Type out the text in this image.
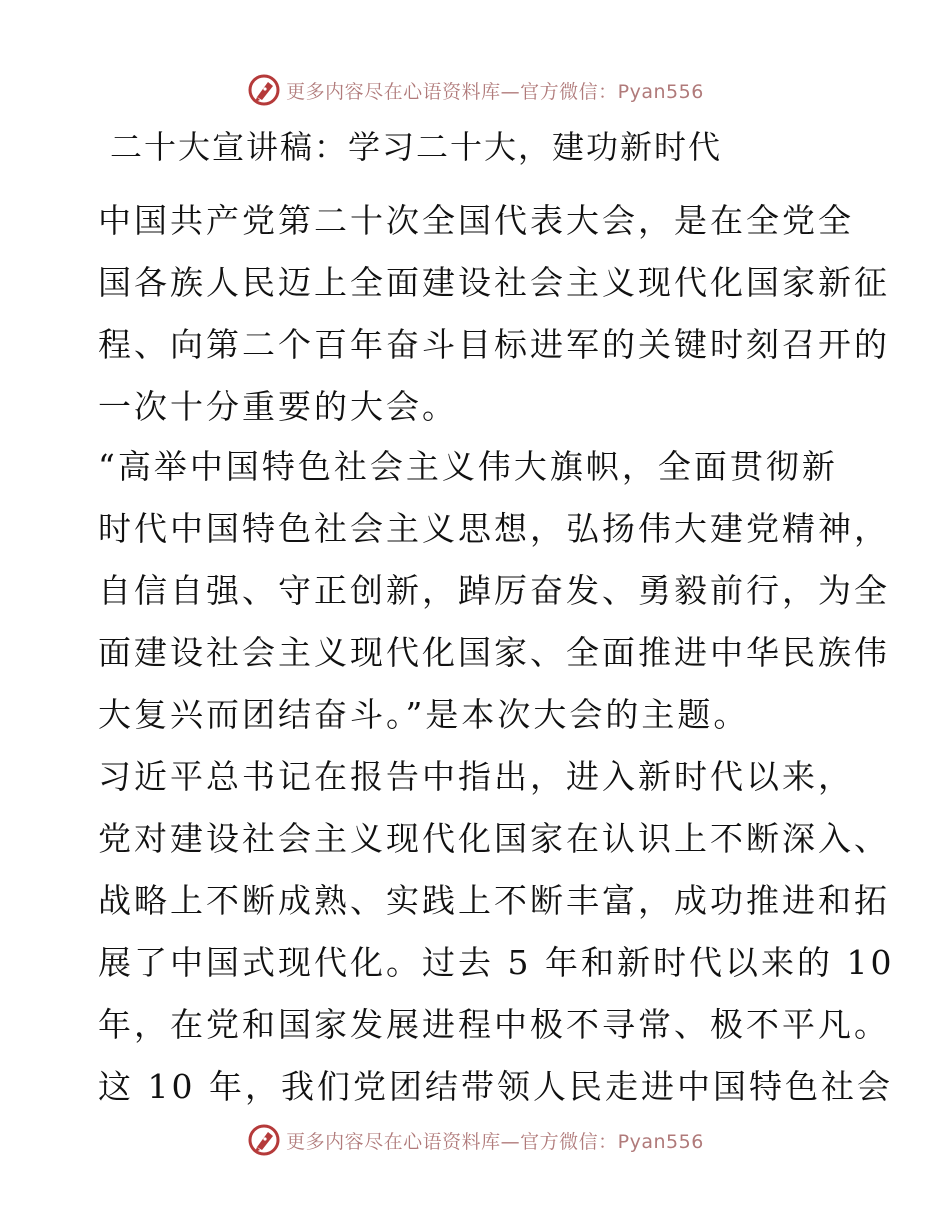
更多内容尽在心语资料库—官方微信：Pyan556
二十大宣讲稿：学习二十大，建功新时代
中国共产党第二十次全国代表大会，是在全党全
国各族人民迈上全面建设社会主义现代化国家新征
程、向第二个百年奋斗目标进军的关键时刻召开的
一次十分重要的大会。
“高举中国特色社会主义伟大旗帜，全面贯彻新
时代中国特色社会主义思想，弘扬伟大建党精神，
自信自强、守正创新，踔厉奋发、勇毅前行，为全
面建设社会主义现代化国家、全面推进中华民族伟
大复兴而团结奋斗。”是本次大会的主题。
习近平总书记在报告中指出，进入新时代以来，
党对建设社会主义现代化国家在认识上不断深入、
战略上不断成熟、实践上不断丰富，成功推进和拓
展了中国式现代化。过去 5 年和新时代以来的 10
年，在党和国家发展进程中极不寻常、极不平凡。
这 10 年，我们党团结带领人民走进中国特色社会
更多内容尽在心语资料库—官方微信：Pyan556
